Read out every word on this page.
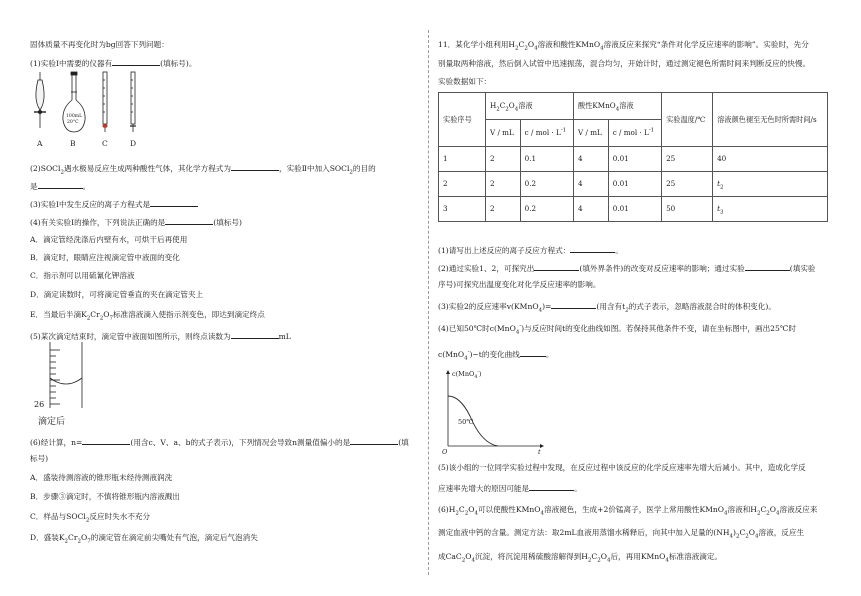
固体质量不再变化时为bg回答下列问题：
(1)实验Ⅰ中需要的仪器有	(填标号)。
100mL
20°C
A	B	C	D
(2)SOCl$_2$遇水极易反应生成两种酸性气体，其化学方程式为	，实验Ⅱ中加入SOCl$_2$的目的
是	。
(3)实验Ⅰ中发生反应的离子方程式是
(4)有关实验Ⅰ的操作，下列说法正确的是	(填标号)
A．滴定管经洗涤后内壁有水，可烘干后再使用
B．滴定时，眼睛应注视滴定管中液面的变化
C．指示剂可以用硫氰化钾溶液
D．滴定读数时，可将滴定管垂直的夹在滴定管夹上
E．当最后半滴$K_2Cr_2O_7$标准溶液滴入使指示剂变色，即达到滴定终点
(5)某次滴定结束时，滴定管中液面如图所示，则终点读数为	mL
26
滴定后
(6)经计算，n=	(用含c、V、a、b的式子表示)，下列情况会导致n测量值偏小的是	(填
标号)
A．盛装待测溶液的锥形瓶未经待测液润洗
B．步骤③滴定时，不慎将锥形瓶内溶液溅出
C．样品与SOCl$_2$反应时失水不充分
D．盛装$K_2Cr_2O_7$的滴定管在滴定前尖嘴处有气泡，滴定后气泡消失
11．某化学小组利用$H_2C_2O_4$溶液和酸性KMnO$_4$溶液反应来探究“条件对化学反应速率的影响”。实验时，先分
别量取两种溶液，然后倒入试管中迅速振荡，混合均匀，开始计时，通过测定褪色所需时间来判断反应的快慢。
实验数据如下：
实验序号	$H_2C_2O_4$溶液		酸性KMnO$_4$溶液		实验温度/℃	溶液颜色褪至无色时所需时间/s
	V / mL	c / mol · $L^{-1}$	V / mL	c / mol · $L^{-1}$
1	2	0.1	4	0.01	25	40
2	2	0.2	4	0.01	25	$t_2$
3	2	0.2	4	0.01	50	$t_3$
(1)请写出上述反应的离子反应方程式：	。
(2)通过实验1、2，可探究出	(填外界条件)的改变对反应速率的影响；通过实验	(填实验
序号)可探究出温度变化对化学反应速率的影响。
(3)实验2的反应速率v(KMnO$_4$)=	(用含有$t_2$的式子表示，忽略溶液混合时的体积变化)。
(4)已知50℃时c(MnO$_4$-)与反应时间t的变化曲线如图。若保持其他条件不变，请在坐标图中，画出25℃时
c(MnO$_4$-)~t的变化曲线	。
c(MnO$_4$-)
50℃
O	t
(5)该小组的一位同学实验过程中发现，在反应过程中该反应的化学反应速率先增大后减小。其中，造成化学反
应速率先增大的原因可能是	。
$(6)H_2C_2O_4$可以使酸性KMnO$_4$溶液褪色，生成+2价锰离子，医学上常用酸性KMnO$_4$溶液和$H_2C_2O_4$溶液反应来
测定血液中钙的含量。测定方法：取2mL血液用蒸馏水稀释后，向其中加入足量的$(NH_4)_2C_2O_4$溶液，反应生
成$CaC_2O_4$沉淀，将沉淀用稀硫酸溶解得到$H_2C_2O_4$后，再用KMnO$_4$标准溶液滴定。
